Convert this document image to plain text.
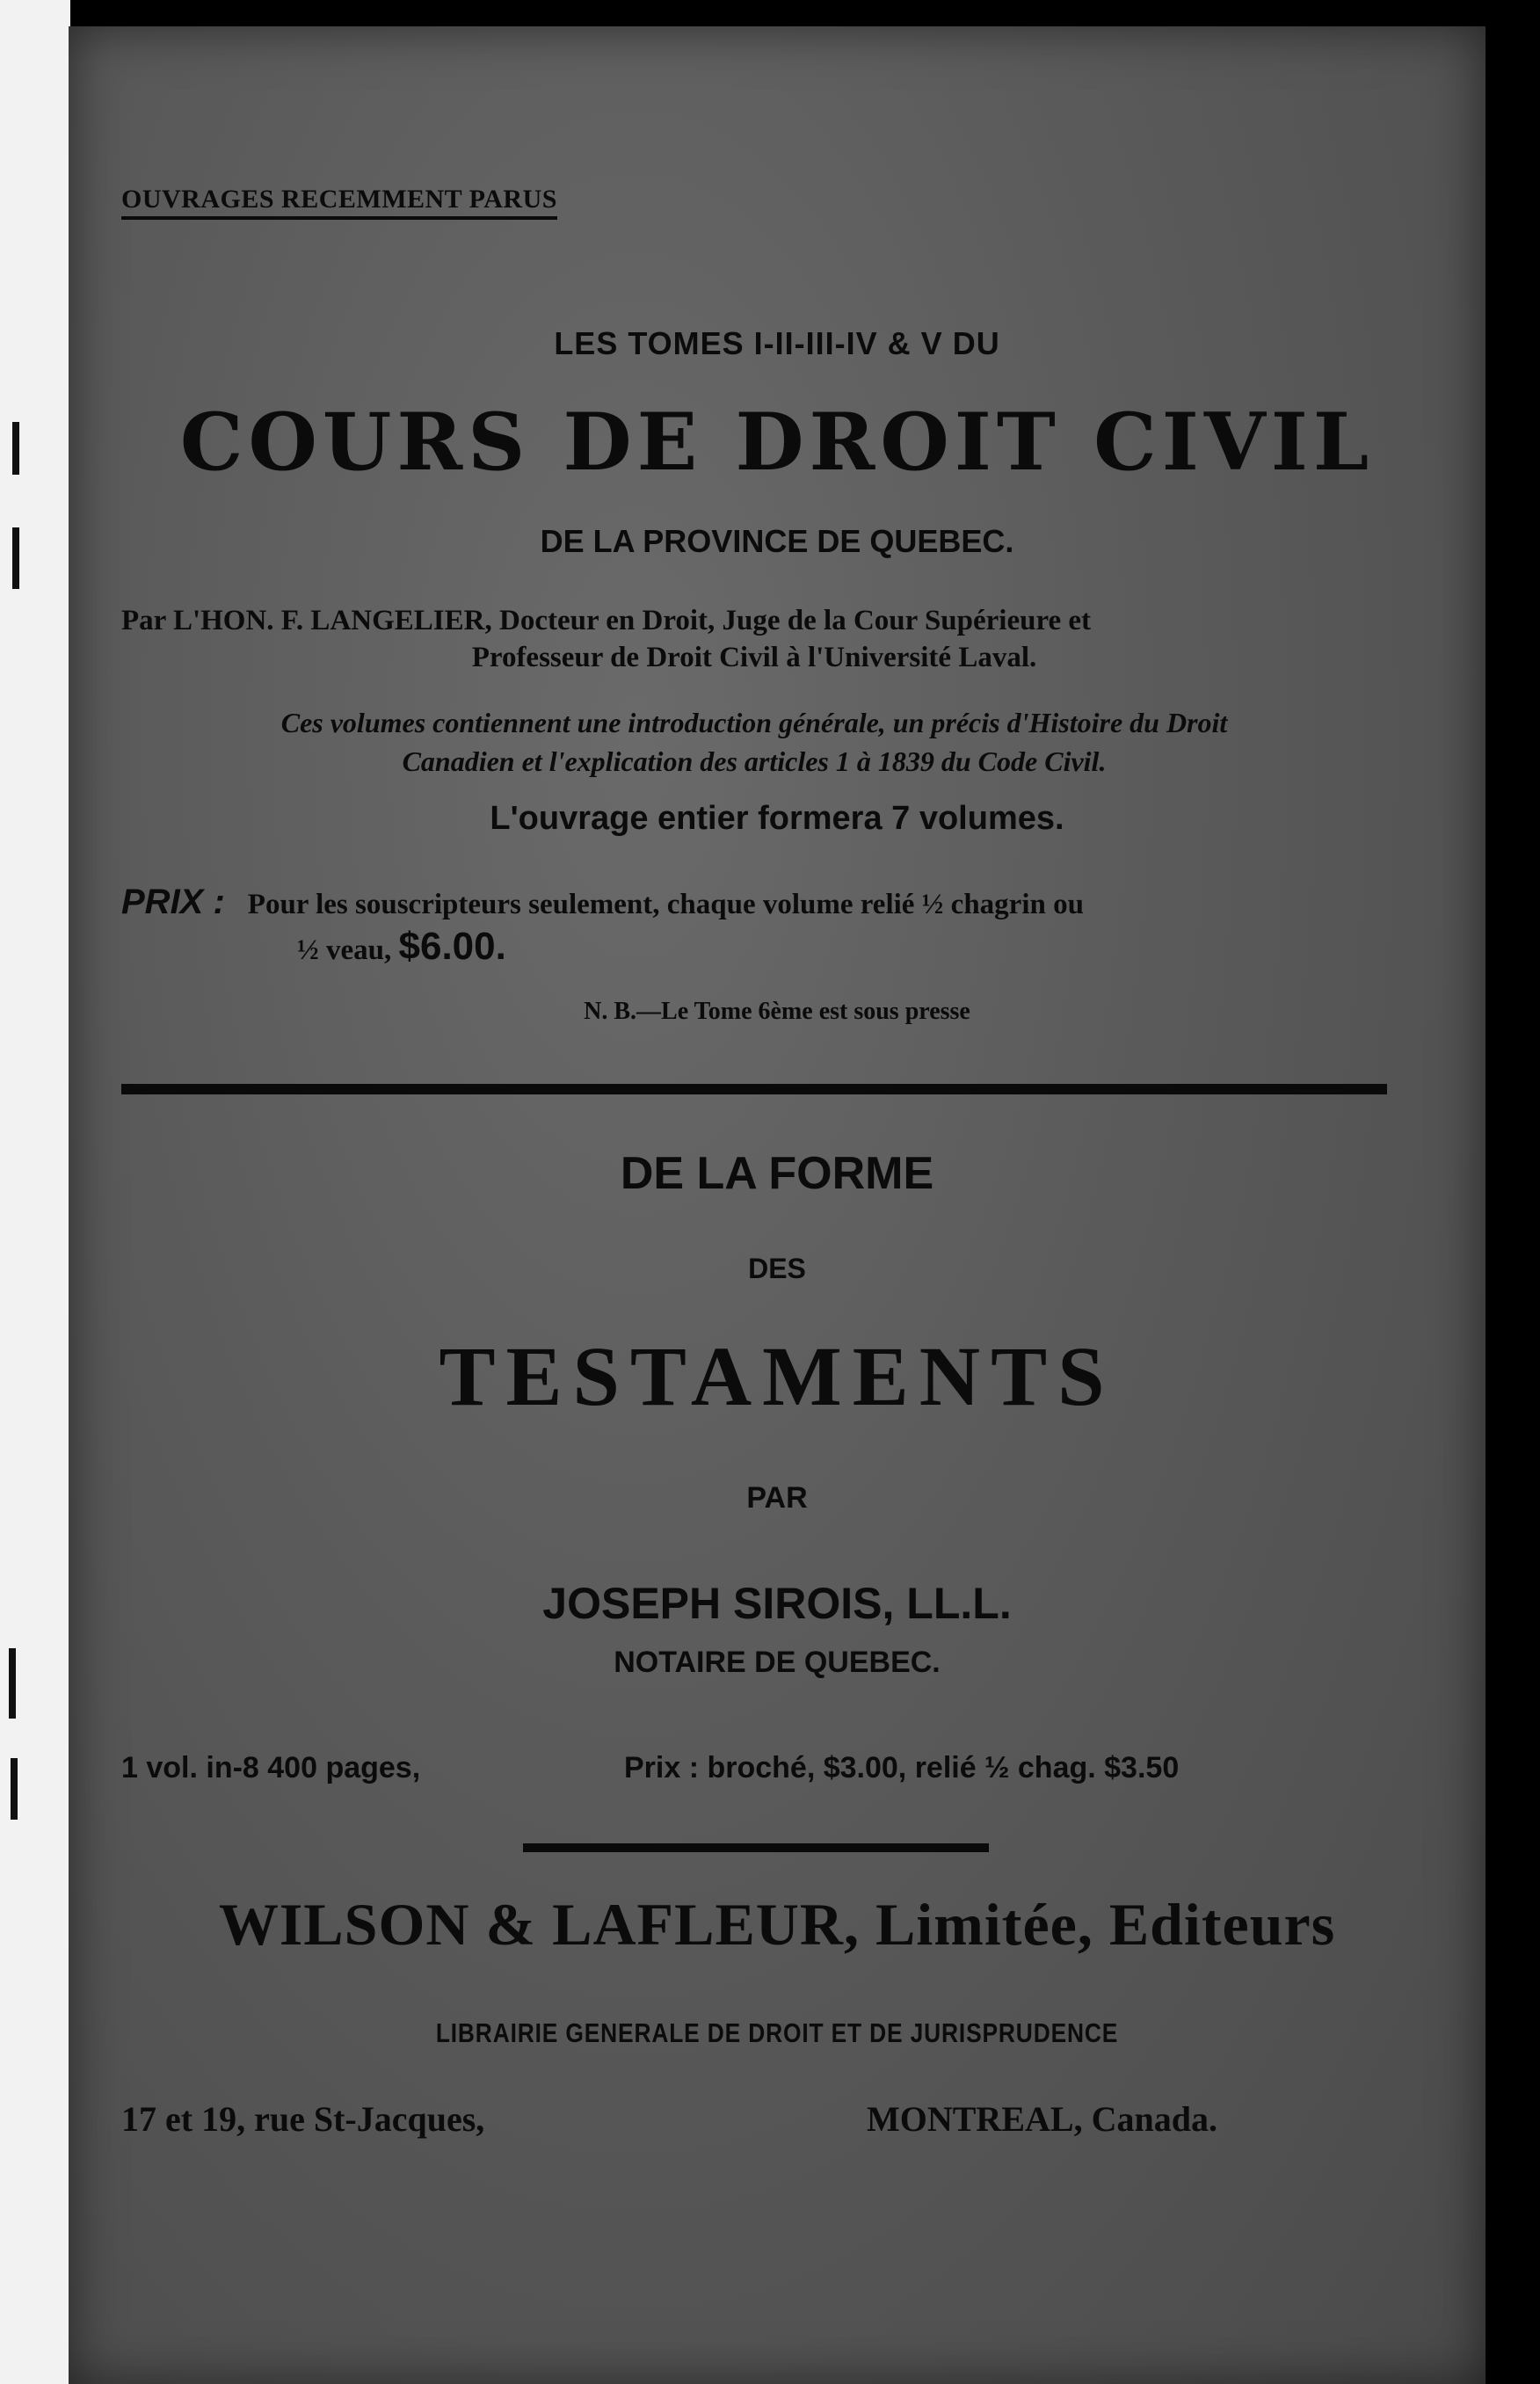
OUVRAGES RECEMMENT PARUS
LES TOMES I-II-III-IV & V DU
COURS DE DROIT CIVIL
DE LA PROVINCE DE QUEBEC.
Par L'HON. F. LANGELIER, Docteur en Droit, Juge de la Cour Supérieure et
Professeur de Droit Civil à l'Université Laval.
Ces volumes contiennent une introduction générale, un précis d'Histoire du Droit
Canadien et l'explication des articles 1 à 1839 du Code Civil.
L'ouvrage entier formera 7 volumes.
PRIX : Pour les souscripteurs seulement, chaque volume relié ½ chagrin ou
½ veau, $6.00.
N. B.—Le Tome 6ème est sous presse
DE LA FORME
DES
TESTAMENTS
PAR
JOSEPH SIROIS, LL.L.
NOTAIRE DE QUEBEC.
1 vol. in-8 400 pages,	Prix : broché, $3.00, relié ½ chag. $3.50
WILSON & LAFLEUR, Limitée, Editeurs
LIBRAIRIE GENERALE DE DROIT ET DE JURISPRUDENCE
17 et 19, rue St-Jacques,	MONTREAL, Canada.
